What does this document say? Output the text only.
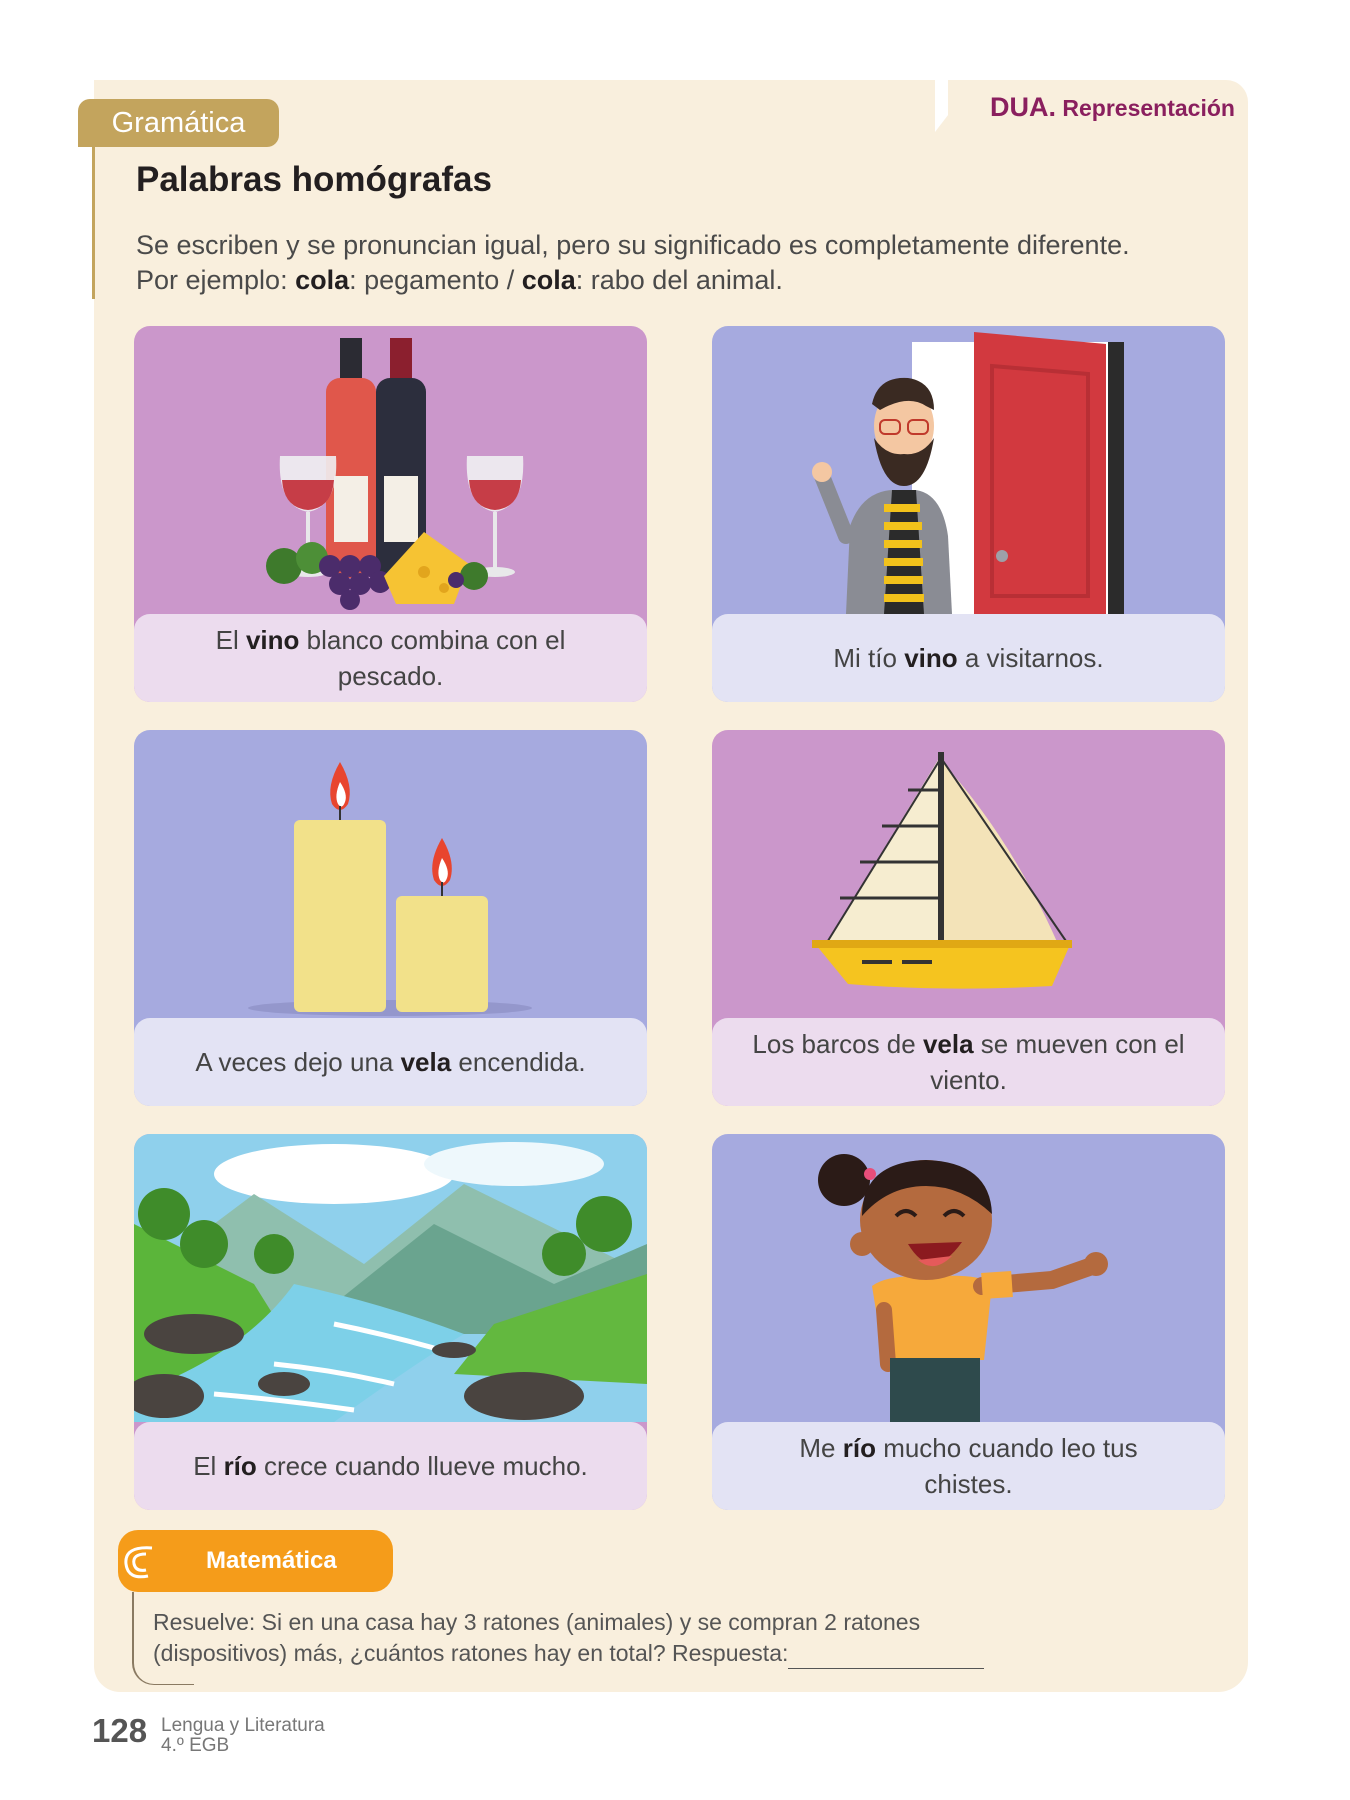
DUA. Representación
Gramática
Palabras homógrafas
Se escriben y se pronuncian igual, pero su significado es completamente diferente.
Por ejemplo: cola: pegamento / cola: rabo del animal.
El vino blanco combina con el pescado.
Mi tío vino a visitarnos.
A veces dejo una vela encendida.
Los barcos de vela se mueven con el viento.
El río crece cuando llueve mucho.
Me río mucho cuando leo tus chistes.
Matemática
Resuelve: Si en una casa hay 3 ratones (animales) y se compran 2 ratones (dispositivos) más, ¿cuántos ratones hay en total? Respuesta:
128 Lengua y Literatura
4.º EGB
